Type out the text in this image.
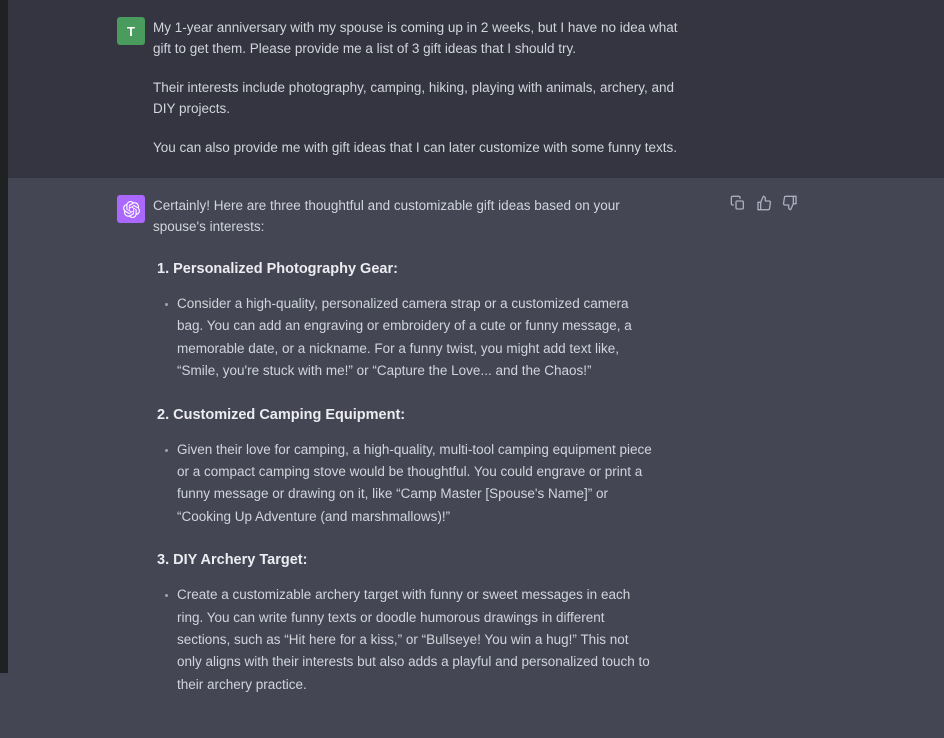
T	My 1-year anniversary with my spouse is coming up in 2 weeks, but I have no idea what gift to get them. Please provide me a list of 3 gift ideas that I should try.

Their interests include photography, camping, hiking, playing with animals, archery, and DIY projects.

You can also provide me with gift ideas that I can later customize with some funny texts.

Certainly! Here are three thoughtful and customizable gift ideas based on your spouse's interests:

1. Personalized Photography Gear:
Consider a high-quality, personalized camera strap or a customized camera bag. You can add an engraving or embroidery of a cute or funny message, a memorable date, or a nickname. For a funny twist, you might add text like, “Smile, you're stuck with me!” or “Capture the Love... and the Chaos!”
2. Customized Camping Equipment:
Given their love for camping, a high-quality, multi-tool camping equipment piece or a compact camping stove would be thoughtful. You could engrave or print a funny message or drawing on it, like “Camp Master [Spouse's Name]” or “Cooking Up Adventure (and marshmallows)!”
3. DIY Archery Target:
Create a customizable archery target with funny or sweet messages in each ring. You can write funny texts or doodle humorous drawings in different sections, such as “Hit here for a kiss,” or “Bullseye! You win a hug!” This not only aligns with their interests but also adds a playful and personalized touch to their archery practice.
